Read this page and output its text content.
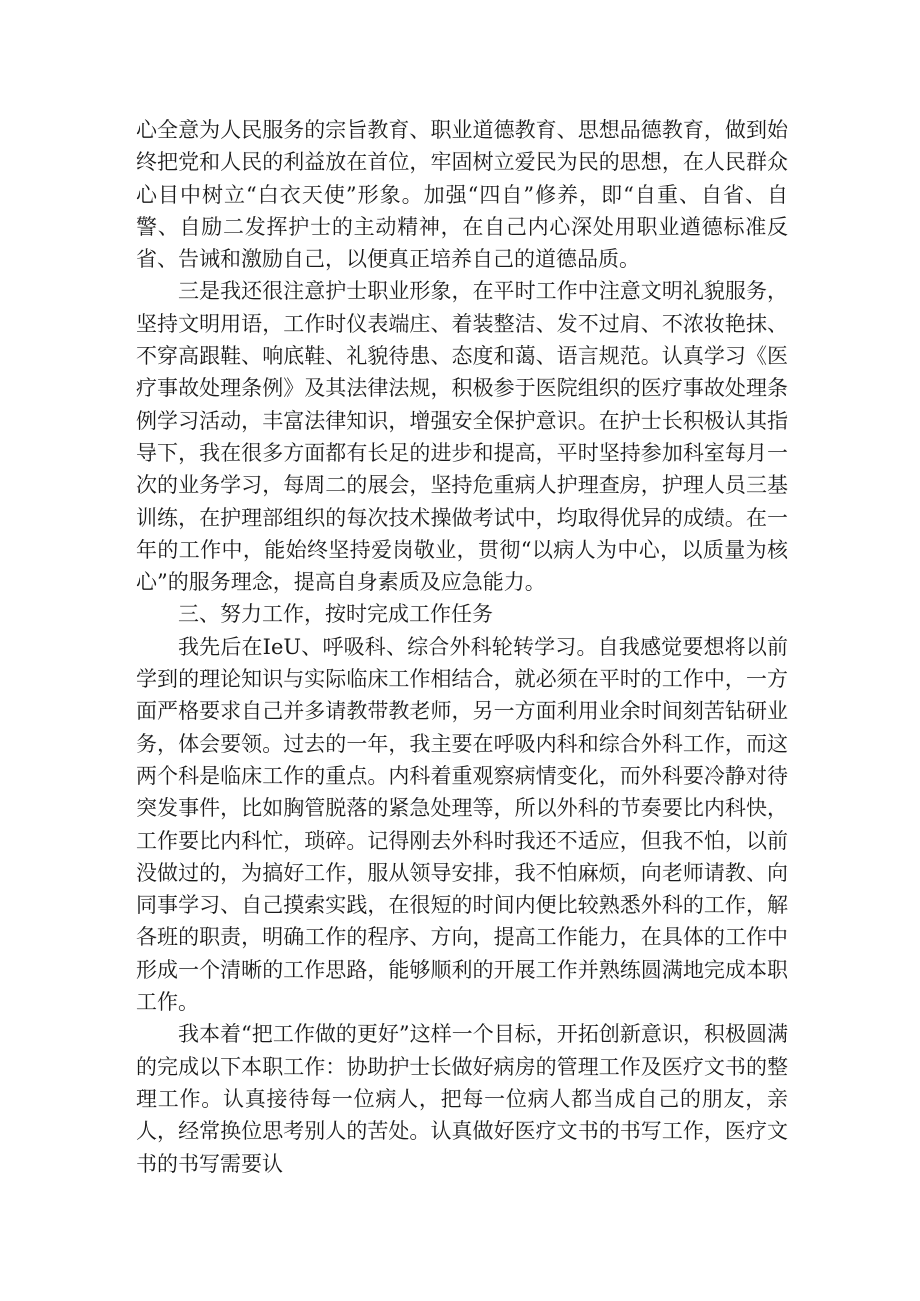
心全意为人民服务的宗旨教育、职业道德教育、思想品德教育，做到始终把党和人民的利益放在首位，牢固树立爱民为民的思想，在人民群众心目中树立“白衣天使”形象。加强“四自”修养，即“自重、自省、自警、自励二发挥护士的主动精神，在自己内心深处用职业遒德标准反省、告诫和激励自己，以便真正培养自己的道德品质。

三是我还很注意护士职业形象，在平时工作中注意文明礼貌服务，坚持文明用语，工作时仪表端庄、着装整洁、发不过肩、不浓妆艳抹、不穿高跟鞋、响底鞋、礼貌待患、态度和蔼、语言规范。认真学习《医疗事故处理条例》及其法律法规，积极参于医院组织的医疗事故处理条例学习活动，丰富法律知识，增强安全保护意识。在护士长积极认其指导下，我在很多方面都有长足的进步和提高，平时坚持参加科室每月一次的业务学习，每周二的展会，坚持危重病人护理查房，护理人员三基训练，在护理部组织的每次技术操做考试中，均取得优异的成绩。在一年的工作中，能始终坚持爱岗敬业，贯彻“以病人为中心，以质量为核心”的服务理念，提高自身素质及应急能力。

三、努力工作，按时完成工作任务

我先后在IeU、呼吸科、综合外科轮转学习。自我感觉要想将以前学到的理论知识与实际临床工作相结合，就必须在平时的工作中，一方面严格要求自己并多请教带教老师，另一方面利用业余时间刻苦钻研业务，体会要领。过去的一年，我主要在呼吸内科和综合外科工作，而这两个科是临床工作的重点。内科着重观察病情变化，而外科要冷静对待突发事件，比如胸管脱落的紧急处理等，所以外科的节奏要比内科快，工作要比内科忙，琐碎。记得刚去外科时我还不适应，但我不怕，以前没做过的，为搞好工作，服从领导安排，我不怕麻烦，向老师请教、向同事学习、自己摸索实践，在很短的时间内便比较熟悉外科的工作，解各班的职责，明确工作的程序、方向，提高工作能力，在具体的工作中形成一个清晰的工作思路，能够顺利的开展工作并熟练圆满地完成本职工作。

我本着“把工作做的更好”这样一个目标，开拓创新意识，积极圆满的完成以下本职工作：协助护士长做好病房的管理工作及医疗文书的整理工作。认真接待每一位病人，把每一位病人都当成自己的朋友，亲人，经常换位思考别人的苦处。认真做好医疗文书的书写工作，医疗文书的书写需要认
